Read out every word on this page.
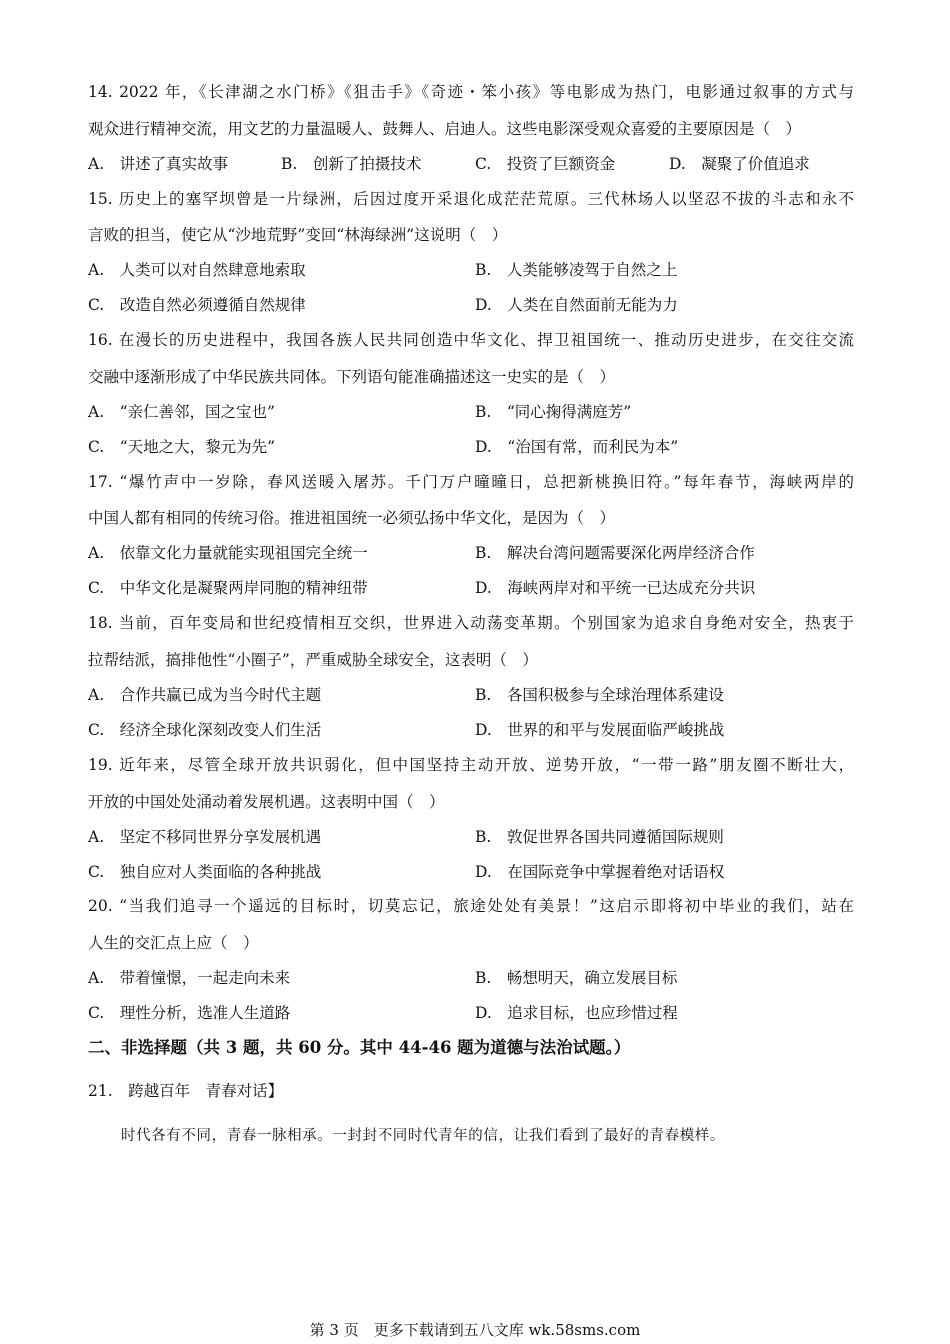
14. 2022 年，《长津湖之水门桥》《狙击手》《奇迹・笨小孩》等电影成为热门，电影通过叙事的方式与
观众进行精神交流，用文艺的力量温暖人、鼓舞人、启迪人。这些电影深受观众喜爱的主要原因是（　）
A.　讲述了真实故事	B.　创新了拍摄技术	C.　投资了巨额资金	D.　凝聚了价值追求
15. 历史上的塞罕坝曾是一片绿洲，后因过度开采退化成茫茫荒原。三代林场人以坚忍不拔的斗志和永不
言败的担当，使它从“沙地荒野”变回“林海绿洲”这说明（　）
A.　人类可以对自然肆意地索取	B.　人类能够凌驾于自然之上
C.　改造自然必须遵循自然规律	D.　人类在自然面前无能为力
16. 在漫长的历史进程中，我国各族人民共同创造中华文化、捍卫祖国统一、推动历史进步，在交往交流
交融中逐渐形成了中华民族共同体。下列语句能准确描述这一史实的是（　）
A.　“亲仁善邻，国之宝也”	B.　“同心掬得满庭芳”
C.　“天地之大，黎元为先”	D.　“治国有常，而利民为本”
17. “爆竹声中一岁除，春风送暖入屠苏。千门万户曈曈日，总把新桃换旧符。”每年春节，海峡两岸的
中国人都有相同的传统习俗。推进祖国统一必须弘扬中华文化，是因为（　）
A.　依靠文化力量就能实现祖国完全统一	B.　解决台湾问题需要深化两岸经济合作
C.　中华文化是凝聚两岸同胞的精神纽带	D.　海峡两岸对和平统一已达成充分共识
18. 当前，百年变局和世纪疫情相互交织，世界进入动荡变革期。个别国家为追求自身绝对安全，热衷于
拉帮结派，搞排他性“小圈子”，严重威胁全球安全，这表明（　）
A.　合作共赢已成为当今时代主题	B.　各国积极参与全球治理体系建设
C.　经济全球化深刻改变人们生活	D.　世界的和平与发展面临严峻挑战
19. 近年来，尽管全球开放共识弱化，但中国坚持主动开放、逆势开放，“一带一路”朋友圈不断壮大，
开放的中国处处涌动着发展机遇。这表明中国（　）
A.　坚定不移同世界分享发展机遇	B.　敦促世界各国共同遵循国际规则
C.　独自应对人类面临的各种挑战	D.　在国际竞争中掌握着绝对话语权
20. “当我们追寻一个遥远的目标时，切莫忘记，旅途处处有美景！”这启示即将初中毕业的我们，站在
人生的交汇点上应（　）
A.　带着憧憬，一起走向未来	B.　畅想明天，确立发展目标
C.　理性分析，选准人生道路	D.　追求目标，也应珍惜过程
二、非选择题（共 3 题，共 60 分。其中 44-46 题为道德与法治试题。）
21.　跨越百年　青春对话】
时代各有不同，青春一脉相承。一封封不同时代青年的信，让我们看到了最好的青春模样。
第 3 页　更多下载请到五八文库 wk.58sms.com
